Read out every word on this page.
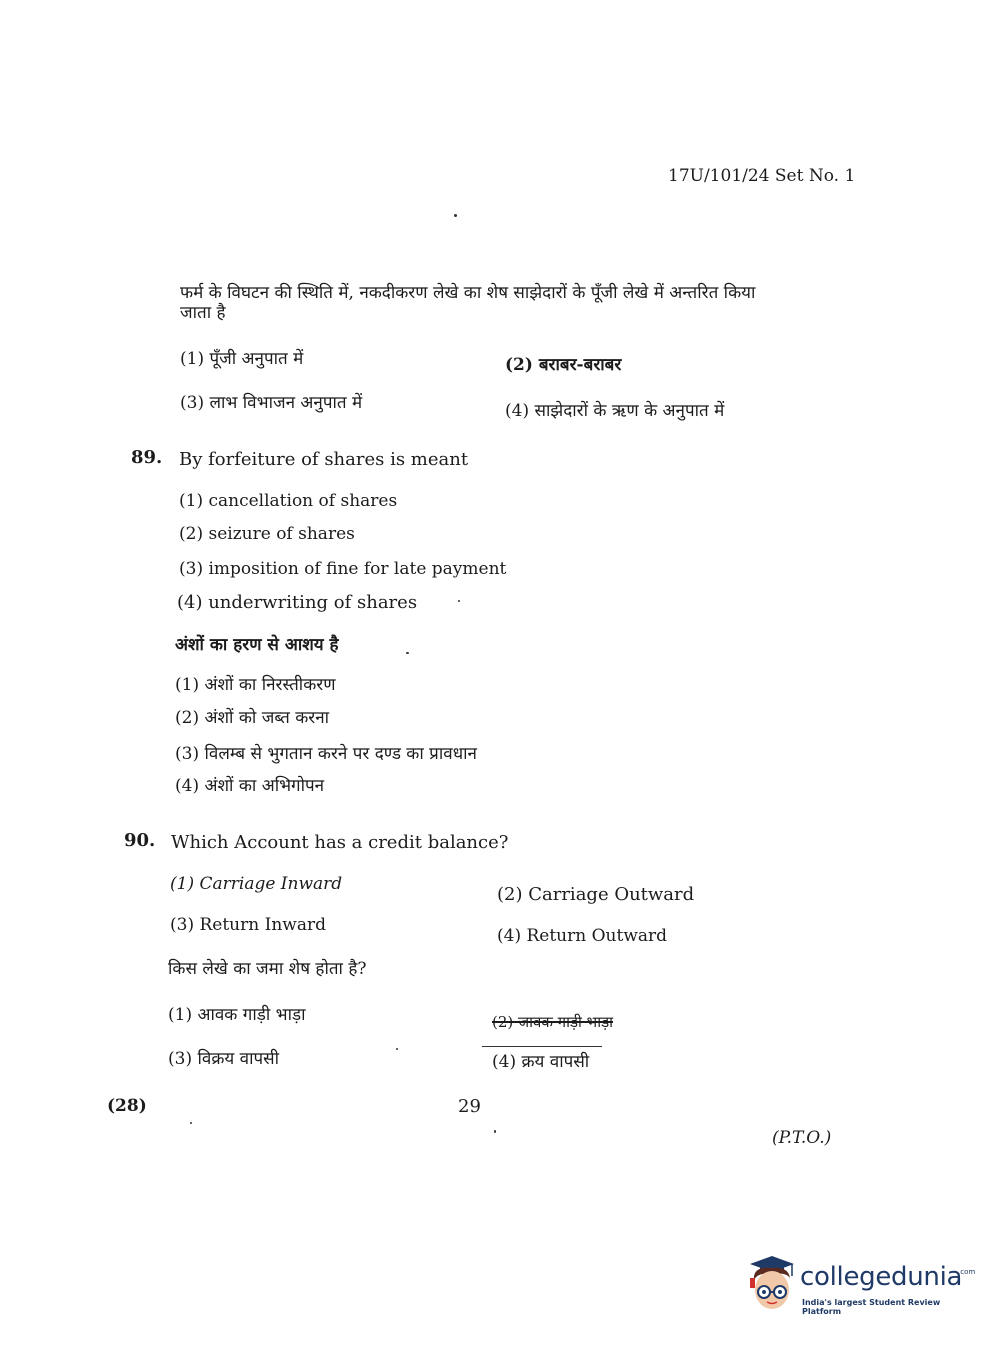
17U/101/24 Set No. 1
फर्म के विघटन की स्थिति में, नकदीकरण लेखे का शेष साझेदारों के पूँजी लेखे में अन्तरित किया
जाता है
(1) पूँजी अनुपात में	(2) बराबर-बराबर
(3) लाभ विभाजन अनुपात में	(4) साझेदारों के ऋण के अनुपात में
89. By forfeiture of shares is meant
(1) cancellation of shares
(2) seizure of shares
(3) imposition of fine for late payment
(4) underwriting of shares
अंशों का हरण से आशय है
(1) अंशों का निरस्तीकरण
(2) अंशों को जब्त करना
(3) विलम्ब से भुगतान करने पर दण्ड का प्रावधान
(4) अंशों का अभिगोपन
90. Which Account has a credit balance?
(1) Carriage Inward	(2) Carriage Outward
(3) Return Inward
(4) Return Outward
किस लेखे का जमा शेष होता है?
(1) आवक गाड़ी भाड़ा	(2) जावक गाड़ी भाड़ा
(3) विक्रय वापसी	(4) क्रय वापसी
(28)	29
(P.T.O.)
collegedunia
.com
India's largest Student Review Platform
